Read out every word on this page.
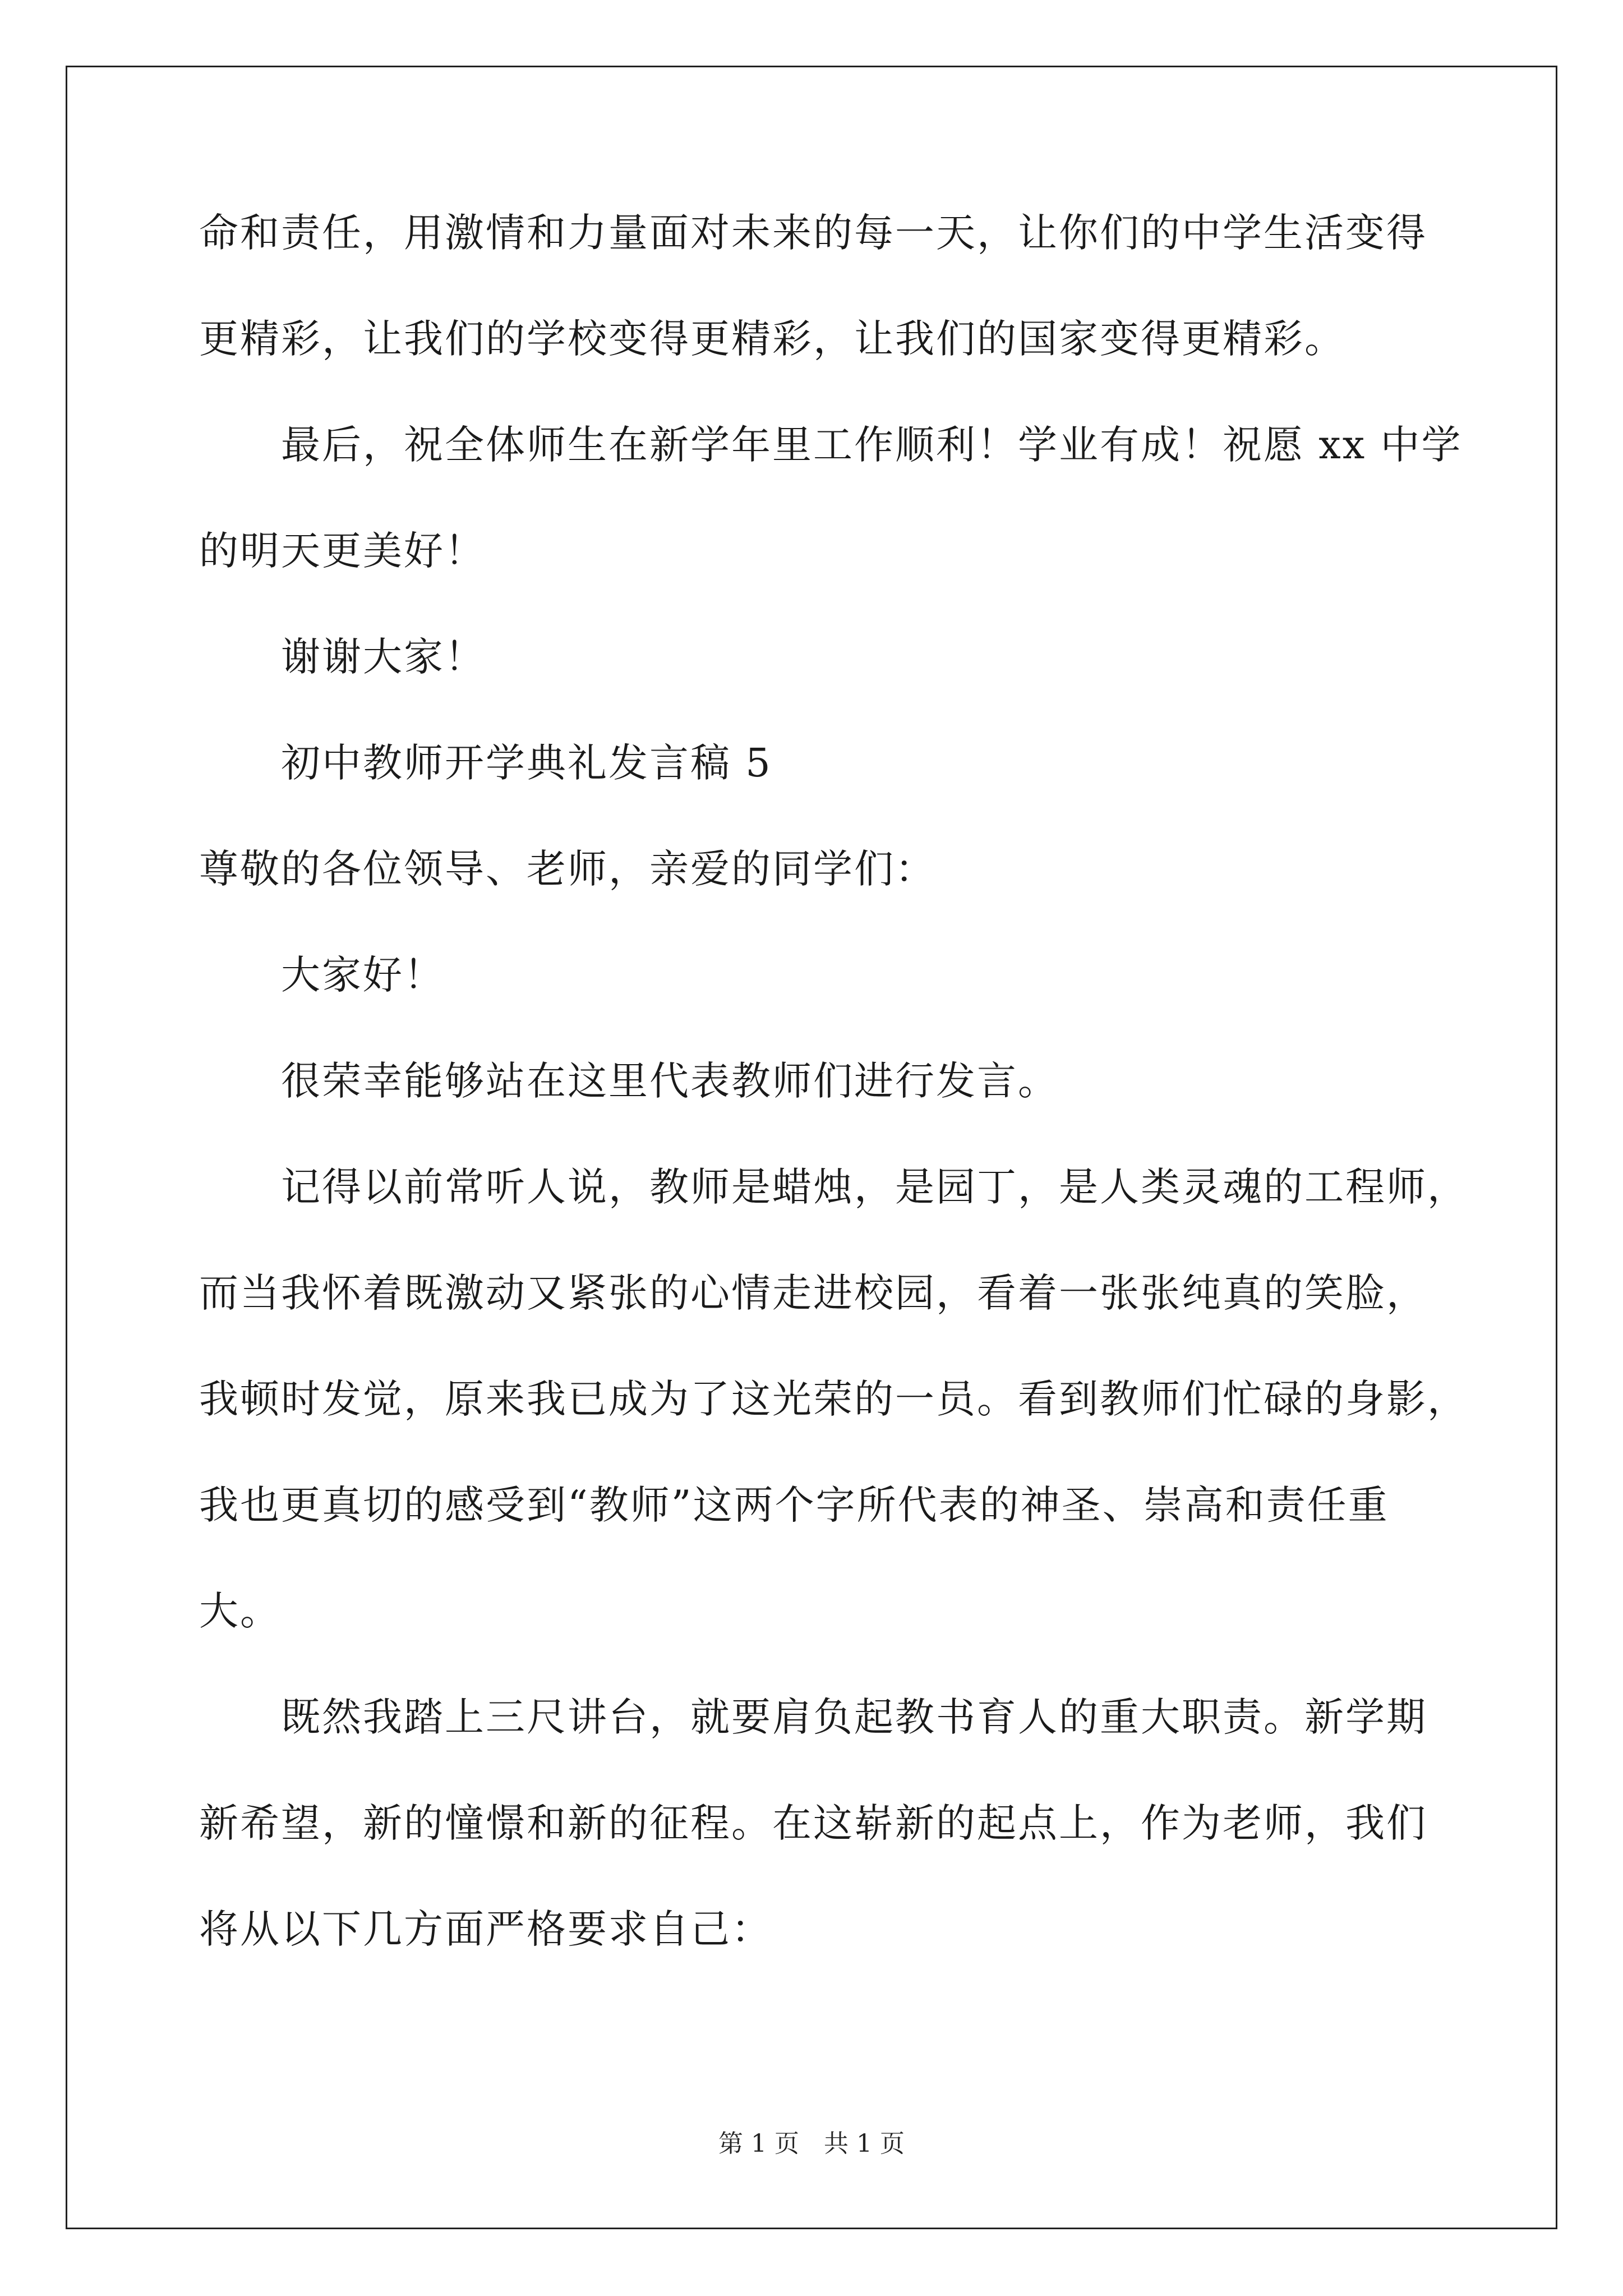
命和责任，用激情和力量面对未来的每一天，让你们的中学生活变得
更精彩，让我们的学校变得更精彩，让我们的国家变得更精彩。
最后，祝全体师生在新学年里工作顺利！学业有成！祝愿 xx 中学
的明天更美好！
谢谢大家！
初中教师开学典礼发言稿 5
尊敬的各位领导、老师，亲爱的同学们：
大家好！
很荣幸能够站在这里代表教师们进行发言。
记得以前常听人说，教师是蜡烛，是园丁，是人类灵魂的工程师，
而当我怀着既激动又紧张的心情走进校园，看着一张张纯真的笑脸，
我顿时发觉，原来我已成为了这光荣的一员。看到教师们忙碌的身影，
我也更真切的感受到“教师”这两个字所代表的神圣、崇高和责任重
大。
既然我踏上三尺讲台，就要肩负起教书育人的重大职责。新学期
新希望，新的憧憬和新的征程。在这崭新的起点上，作为老师，我们
将从以下几方面严格要求自己：
第 1 页　共 1 页
